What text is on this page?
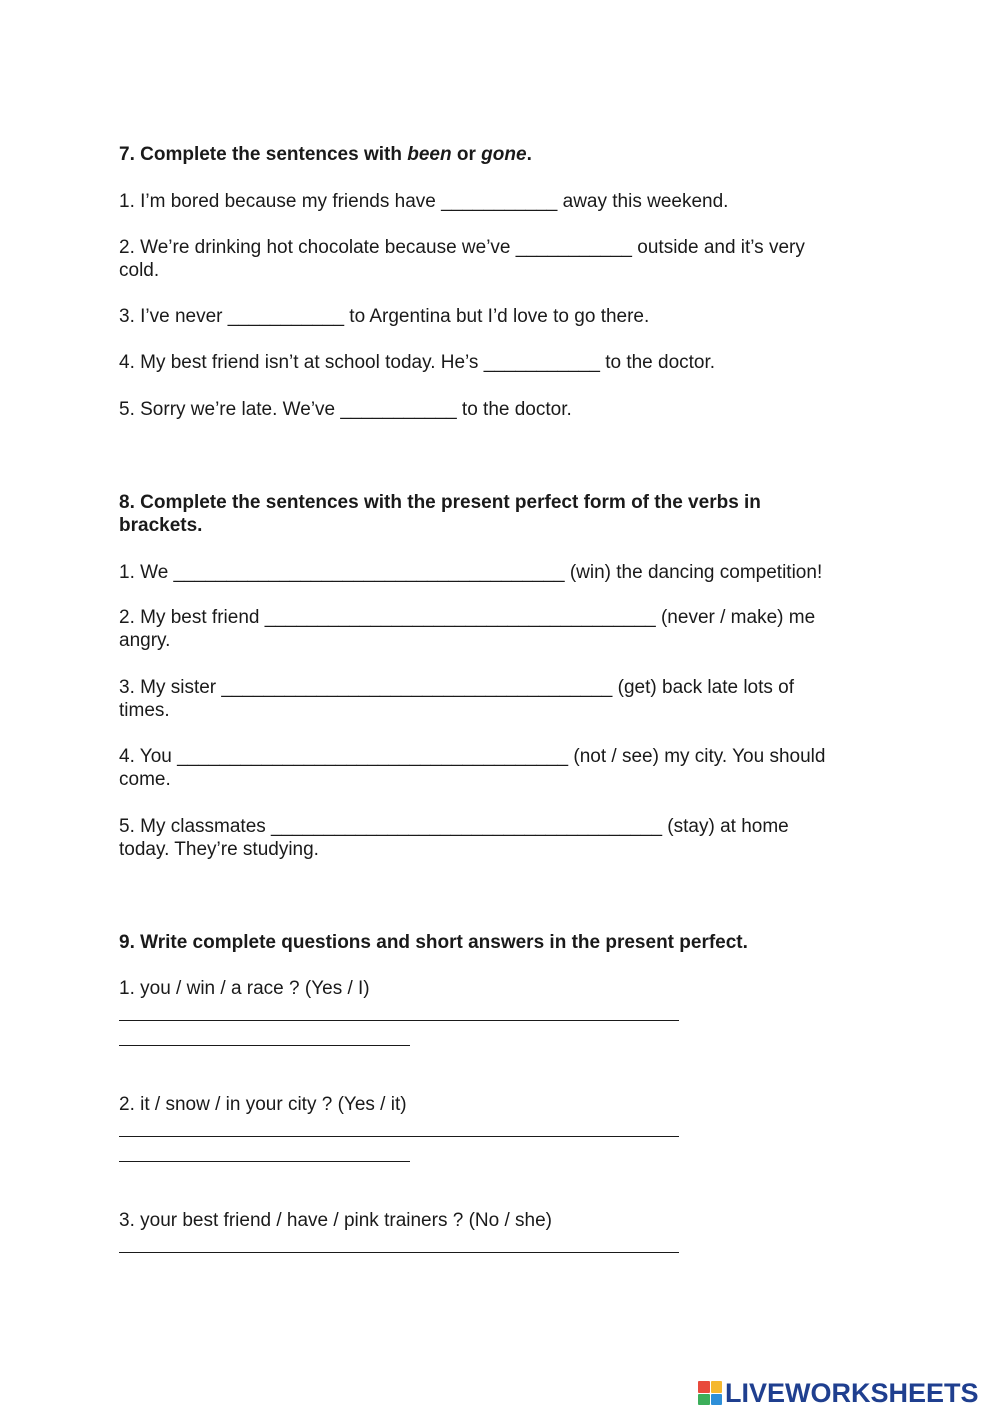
7. Complete the sentences with been or gone.
1. I’m bored because my friends have ___________ away this weekend.
2. We’re drinking hot chocolate because we’ve ___________ outside and it’s very
cold.
3. I’ve never ___________ to Argentina but I’d love to go there.
4. My best friend isn’t at school today. He’s ___________ to the doctor.
5. Sorry we’re late. We’ve ___________ to the doctor.
8. Complete the sentences with the present perfect form of the verbs in
brackets.
1. We _____________________________________ (win) the dancing competition!
2. My best friend _____________________________________ (never / make) me
angry.
3. My sister _____________________________________ (get) back late lots of
times.
4. You _____________________________________ (not / see) my city. You should
come.
5. My classmates _____________________________________ (stay) at home
today. They’re studying.
9. Write complete questions and short answers in the present perfect.
1. you / win / a race ? (Yes / I)
2. it / snow / in your city ? (Yes / it)
3. your best friend / have / pink trainers ? (No / she)
LIVEWORKSHEETS
